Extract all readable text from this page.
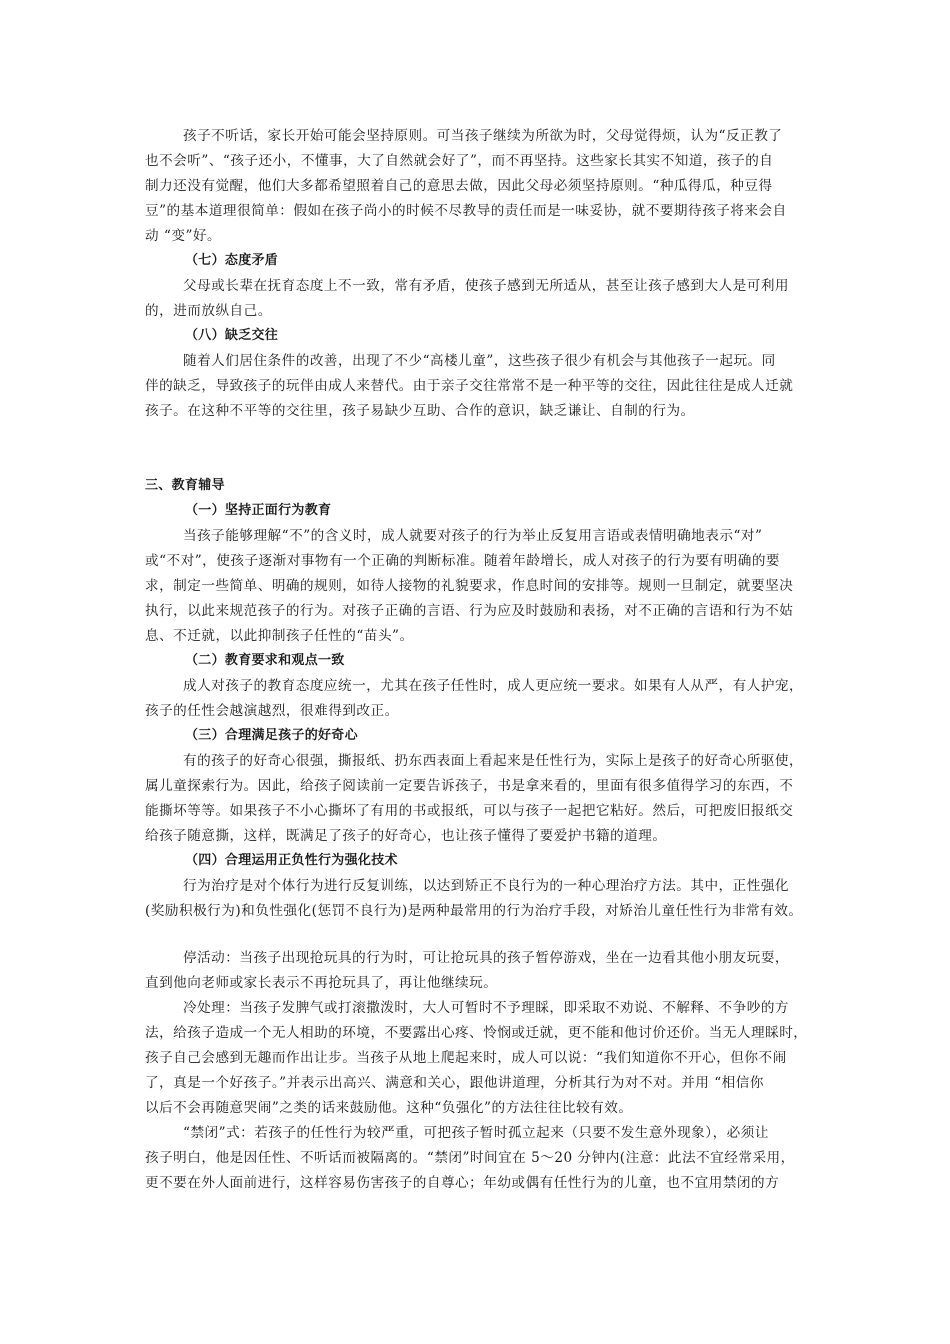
孩子不听话，家长开始可能会坚持原则。可当孩子继续为所欲为时，父母觉得烦，认为“反正教了
也不会听”、“孩子还小，不懂事，大了自然就会好了”，而不再坚持。这些家长其实不知道，孩子的自
制力还没有觉醒，他们大多都希望照着自己的意思去做，因此父母必须坚持原则。“种瓜得瓜，种豆得
豆”的基本道理很简单：假如在孩子尚小的时候不尽教导的责任而是一味妥协，就不要期待孩子将来会自
动 “变”好。
（七）态度矛盾
父母或长辈在抚育态度上不一致，常有矛盾，使孩子感到无所适从，甚至让孩子感到大人是可利用
的，进而放纵自己。
（八）缺乏交往
随着人们居住条件的改善，出现了不少“高楼儿童”，这些孩子很少有机会与其他孩子一起玩。同
伴的缺乏，导致孩子的玩伴由成人来替代。由于亲子交往常常不是一种平等的交往，因此往往是成人迁就
孩子。在这种不平等的交往里，孩子易缺少互助、合作的意识，缺乏谦让、自制的行为。
三、教育辅导
（一）坚持正面行为教育
当孩子能够理解“不”的含义时，成人就要对孩子的行为举止反复用言语或表情明确地表示“对”
或“不对”，使孩子逐渐对事物有一个正确的判断标准。随着年龄增长，成人对孩子的行为要有明确的要
求，制定一些简单、明确的规则，如待人接物的礼貌要求，作息时间的安排等。规则一旦制定，就要坚决
执行，以此来规范孩子的行为。对孩子正确的言语、行为应及时鼓励和表扬，对不正确的言语和行为不姑
息、不迁就，以此抑制孩子任性的“苗头”。
（二）教育要求和观点一致
成人对孩子的教育态度应统一，尤其在孩子任性时，成人更应统一要求。如果有人从严，有人护宠，
孩子的任性会越演越烈，很难得到改正。
（三）合理满足孩子的好奇心
有的孩子的好奇心很强，撕报纸、扔东西表面上看起来是任性行为，实际上是孩子的好奇心所驱使，
属儿童探索行为。因此，给孩子阅读前一定要告诉孩子，书是拿来看的，里面有很多值得学习的东西，不
能撕坏等等。如果孩子不小心撕坏了有用的书或报纸，可以与孩子一起把它粘好。然后，可把废旧报纸交
给孩子随意撕，这样，既满足了孩子的好奇心，也让孩子懂得了要爱护书籍的道理。
（四）合理运用正负性行为强化技术
行为治疗是对个体行为进行反复训练，以达到矫正不良行为的一种心理治疗方法。其中，正性强化
(奖励积极行为)和负性强化(惩罚不良行为)是两种最常用的行为治疗手段，对矫治儿童任性行为非常有效。
停活动：当孩子出现抢玩具的行为时，可让抢玩具的孩子暂停游戏，坐在一边看其他小朋友玩耍，
直到他向老师或家长表示不再抢玩具了，再让他继续玩。
冷处理：当孩子发脾气或打滚撒泼时，大人可暂时不予理睬，即采取不劝说、不解释、不争吵的方
法，给孩子造成一个无人相助的环境，不要露出心疼、怜悯或迁就，更不能和他讨价还价。当无人理睬时，
孩子自己会感到无趣而作出让步。当孩子从地上爬起来时，成人可以说：“我们知道你不开心，但你不闹
了，真是一个好孩子。”并表示出高兴、满意和关心，跟他讲道理，分析其行为对不对。并用 “相信你
以后不会再随意哭闹”之类的话来鼓励他。这种“负强化”的方法往往比较有效。
“禁闭”式：若孩子的任性行为较严重，可把孩子暂时孤立起来（只要不发生意外现象），必须让
孩子明白，他是因任性、不听话而被隔离的。“禁闭”时间宜在 5～20 分钟内(注意：此法不宜经常采用，
更不要在外人面前进行，这样容易伤害孩子的自尊心；年幼或偶有任性行为的儿童，也不宜用禁闭的方
